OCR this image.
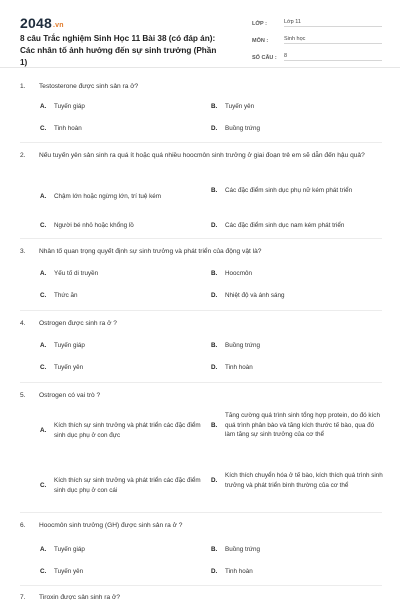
2048.vn
8 câu Trắc nghiệm Sinh Học 11 Bài 38 (có đáp án): Các nhân tố ảnh hưởng đến sự sinh trưởng (Phần 1)
LỚP :	Lớp 11
MÔN :	Sinh học
SỐ CÂU :	8
1.	Testosterone được sinh sản ra ở?
A.	Tuyến giáp	B.	Tuyến yên
C.	Tinh hoàn	D.	Buồng trứng
2.	Nếu tuyến yên sản sinh ra quá ít hoặc quá nhiều hoocmôn sinh trưởng ở giai đoạn trẻ em sẽ dẫn đến hậu quả?
A.	Chậm lớn hoặc ngừng lớn, trí tuệ kém
B.	Các đặc điểm sinh dục phụ nữ kém phát triển
C.	Người bé nhỏ hoặc khổng lồ	D.	Các đặc điểm sinh dục nam kém phát triển
3.	Nhân tố quan trọng quyết định sự sinh trưởng và phát triển của động vật là?
A.	Yếu tố di truyền	B.	Hoocmôn
C.	Thức ăn	D.	Nhiệt độ và ánh sáng
4.	Ostrogen được sinh ra ở ?
A.	Tuyến giáp	B.	Buồng trứng
C.	Tuyến yên	D.	Tinh hoàn
5.	Ostrogen có vai trò ?
A.
Kích thích sự sinh trưởng và phát triển các đặc điểm sinh dục phụ ở con đực
B.
Tăng cường quá trình sinh tổng hợp protein, do đó kích quá trình phân bào và tăng kích thước tế bào, qua đó làm tăng sự sinh trưởng của cơ thể
C.
Kích thích sự sinh trưởng và phát triển các đặc điểm sinh dục phụ ở con cái
D.
Kích thích chuyển hóa ở tế bào, kích thích quá trình sinh trưởng và phát triển bình thường của cơ thể
6.	Hoocmôn sinh trưởng (GH) được sinh sản ra ở ?
A.	Tuyến giáp	B.	Buồng trứng
C.	Tuyến yên	D.	Tinh hoàn
7.	Tiroxin được sản sinh ra ở?
